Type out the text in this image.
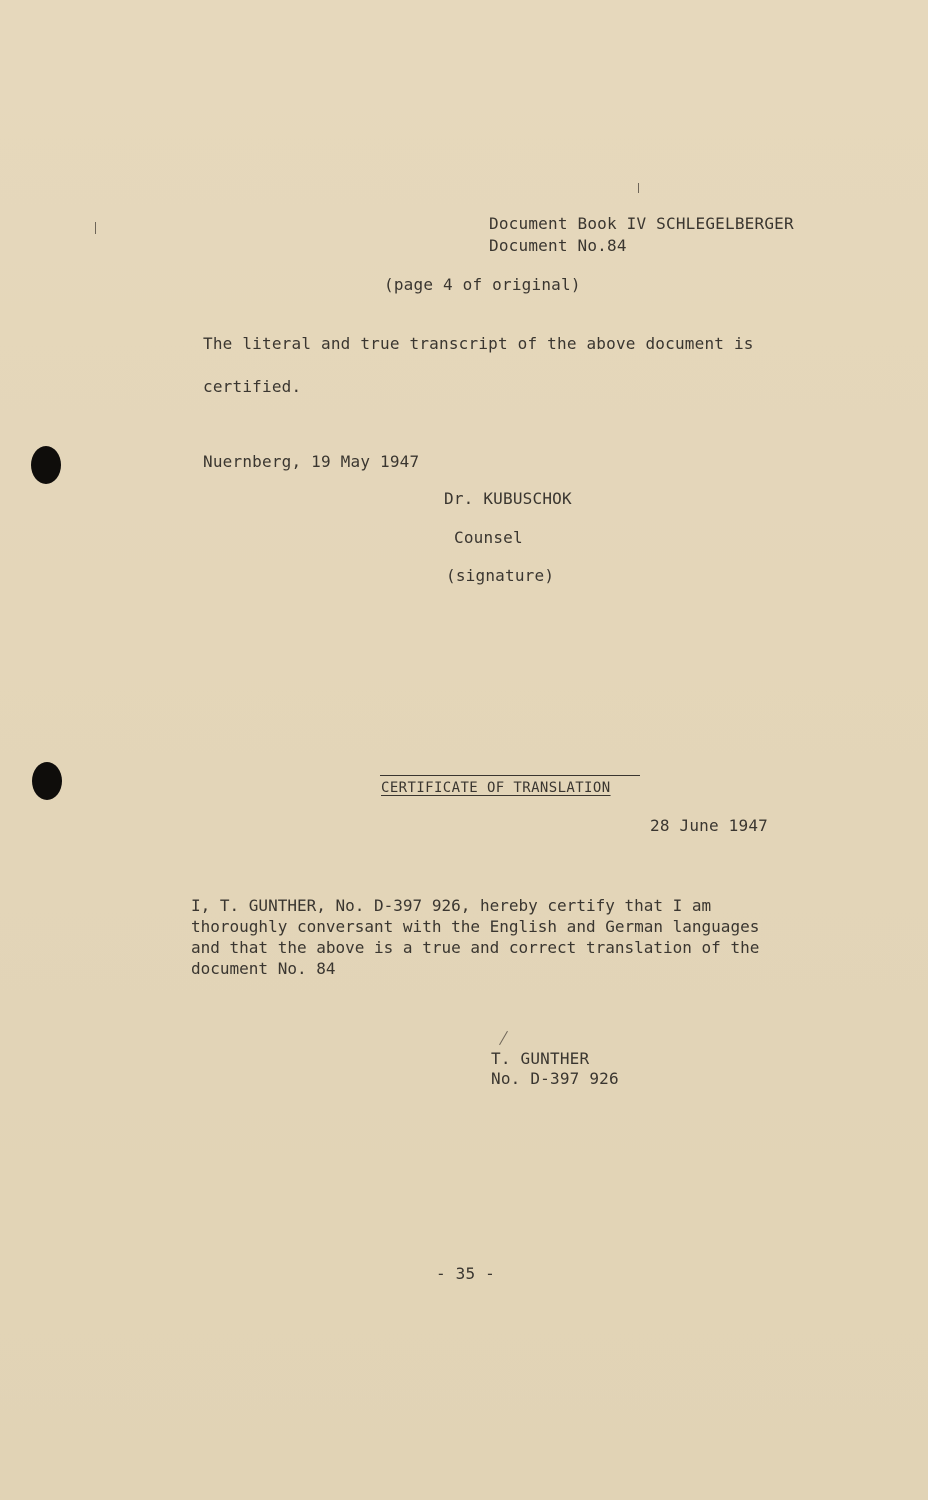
Document Book IV SCHLEGELBERGER
Document No.84
(page 4 of original)
The literal and true transcript of the above document is
certified.
Nuernberg, 19 May 1947
Dr. KUBUSCHOK
Counsel
(signature)
CERTIFICATE OF TRANSLATION
28 June 1947
I, T. GUNTHER, No. D-397 926, hereby certify that I am
thoroughly conversant with the English and German languages
and that the above is a true and correct translation of the
document No. 84
T. GUNTHER
No. D-397 926
- 35 -
